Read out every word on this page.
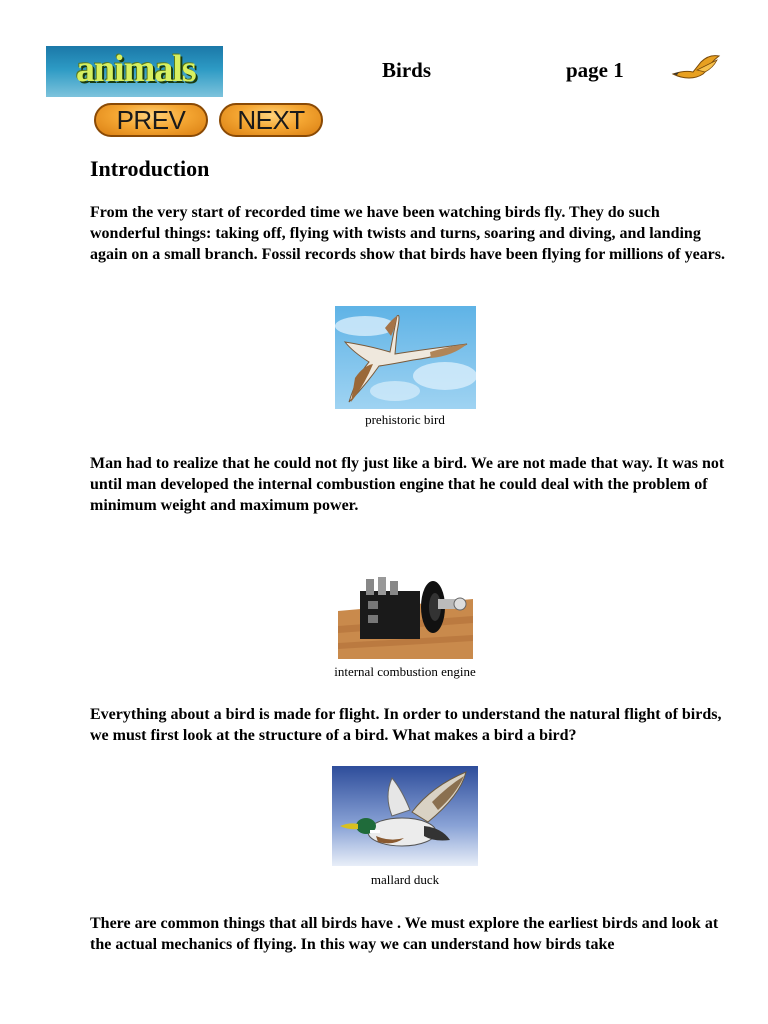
animals	Birds	page 1
PREV	NEXT
Introduction
From the very start of recorded time we have been watching birds fly. They do such wonderful things: taking off, flying with twists and turns, soaring and diving, and landing again on a small branch. Fossil records show that birds have been flying for millions of years.
prehistoric bird
Man had to realize that he could not fly just like a bird. We are not made that way. It was not until man developed the internal combustion engine that he could deal with the problem of minimum weight and maximum power.
internal combustion engine
Everything about a bird is made for flight. In order to understand the natural flight of birds, we must first look at the structure of a bird. What makes a bird a bird?
mallard duck
There are common things that all birds have . We must explore the earliest birds and look at the actual mechanics of flying. In this way we can understand how birds take
